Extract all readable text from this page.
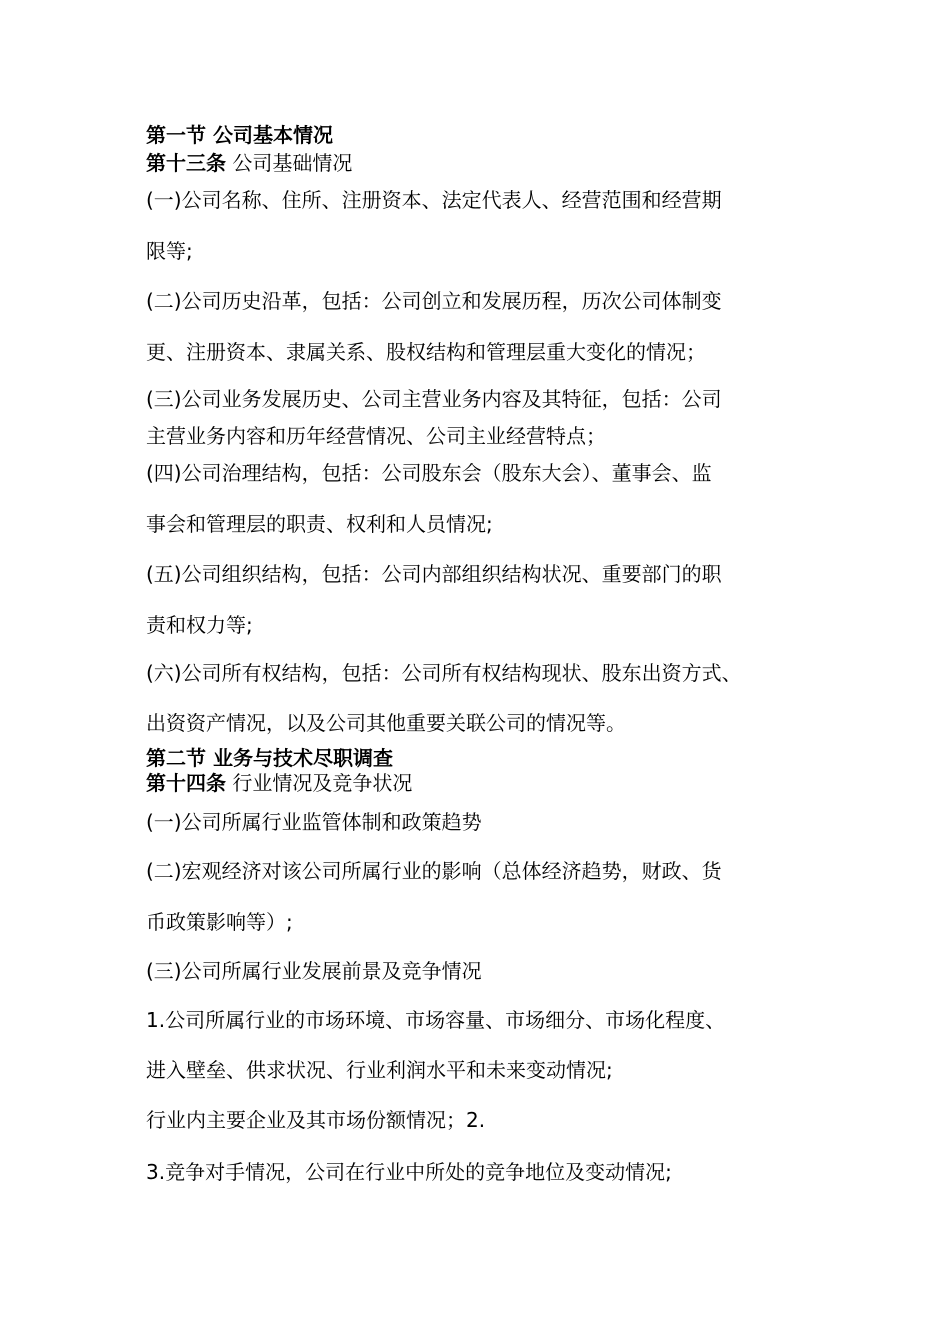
第一节 公司基本情况
第十三条 公司基础情况
(一)公司名称、住所、注册资本、法定代表人、经营范围和经营期
限等;
(二)公司历史沿革，包括：公司创立和发展历程，历次公司体制变
更、注册资本、隶属关系、股权结构和管理层重大变化的情况；
(三)公司业务发展历史、公司主营业务内容及其特征，包括：公司
主营业务内容和历年经营情况、公司主业经营特点；
(四)公司治理结构，包括：公司股东会（股东大会）、董事会、监
事会和管理层的职责、权利和人员情况;
(五)公司组织结构，包括：公司内部组织结构状况、重要部门的职
责和权力等;
(六)公司所有权结构，包括：公司所有权结构现状、股东出资方式、
出资资产情况，以及公司其他重要关联公司的情况等。
第二节 业务与技术尽职调查
第十四条 行业情况及竞争状况
(一)公司所属行业监管体制和政策趋势
(二)宏观经济对该公司所属行业的影响（总体经济趋势，财政、货
币政策影响等）;
(三)公司所属行业发展前景及竞争情况
1.公司所属行业的市场环境、市场容量、市场细分、市场化程度、
进入壁垒、供求状况、行业利润水平和未来变动情况;
行业内主要企业及其市场份额情况；2.
3.竞争对手情况，公司在行业中所处的竞争地位及变动情况;
